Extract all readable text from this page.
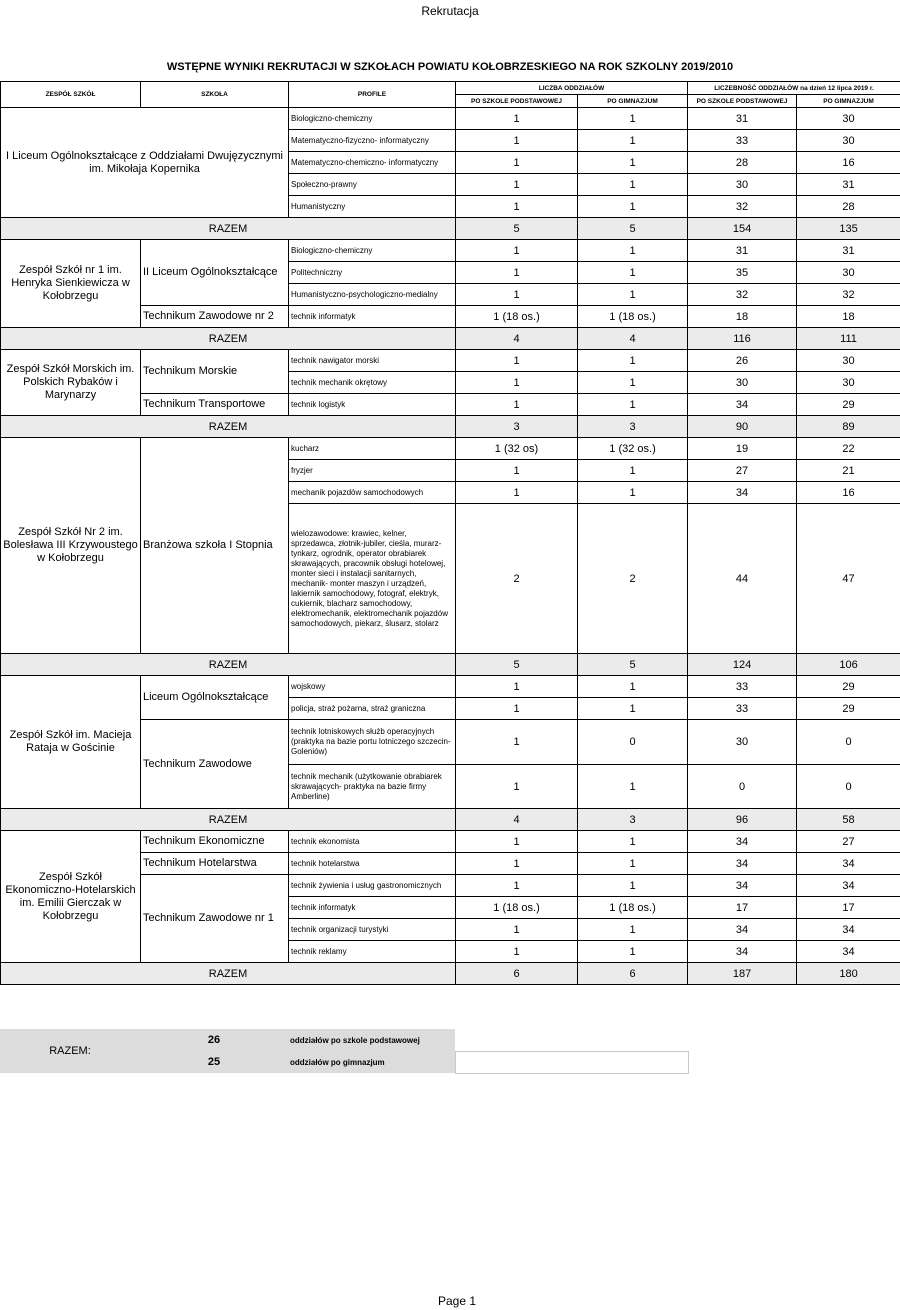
Rekrutacja
WSTĘPNE WYNIKI REKRUTACJI W SZKOŁACH POWIATU KOŁOBRZESKIEGO NA ROK SZKOLNY 2019/2010
ZESPÓŁ SZKÓŁ	SZKOŁA	PROFILE	LICZBA ODDZIAŁÓW		LICZEBNOŚĆ ODDZIAŁÓW na dzień 12 lipca 2019 r.	
			PO SZKOLE PODSTAWOWEJ	PO GIMNAZJUM	PO SZKOLE PODSTAWOWEJ	PO GIMNAZJUM
I Liceum Ogólnokształcące z Oddziałami Dwujęzycznymi im. Mikołaja Kopernika		Biologiczno-chemiczny	1	1	31	30
		Matematyczno-fizyczno- informatyczny	1	1	33	30
		Matematyczno-chemiczno- informatyczny	1	1	28	16
		Społeczno-prawny	1	1	30	31
		Humanistyczny	1	1	32	28
RAZEM			5	5	154	135
Zespół Szkół nr 1 im. Henryka Sienkiewicza w Kołobrzegu	II Liceum Ogólnokształcące	Biologiczno-chemiczny	1	1	31	31
		Politechniczny	1	1	35	30
		Humanistyczno-psychologiczno-medialny	1	1	32	32
	Technikum Zawodowe nr 2	technik informatyk	1 (18 os.)	1 (18 os.)	18	18
RAZEM			4	4	116	111
Zespół Szkół Morskich im. Polskich Rybaków i Marynarzy	Technikum Morskie	technik nawigator morski	1	1	26	30
		technik mechanik okrętowy	1	1	30	30
	Technikum Transportowe	technik logistyk	1	1	34	29
RAZEM			3	3	90	89
Zespół Szkół Nr 2 im. Bolesława III Krzywoustego w Kołobrzegu	Branżowa szkoła I Stopnia	kucharz	1 (32 os)	1 (32 os.)	19	22
		fryzjer	1	1	27	21
		mechanik pojazdów samochodowych	1	1	34	16
		wielozawodowe: krawiec, kelner, sprzedawca, złotnik-jubiler, cieśla, murarz-tynkarz, ogrodnik, operator obrabiarek skrawających, pracownik obsługi hotelowej, monter sieci i instalacji sanitarnych, mechanik- monter maszyn i urządzeń, lakiernik samochodowy, fotograf, elektryk, cukiernik, blacharz samochodowy, elektromechanik, elektromechanik pojazdów samochodowych, piekarz, ślusarz, stolarz	2	2	44	47
RAZEM			5	5	124	106
Zespół Szkół im. Macieja Rataja w Gościnie	Liceum Ogólnokształcące	wojskowy	1	1	33	29
		policja, straż pożarna, straż graniczna	1	1	33	29
	Technikum Zawodowe	technik lotniskowych służb operacyjnych (praktyka na bazie portu lotniczego szczecin-Goleniów)	1	0	30	0
		technik mechanik (użytkowanie obrabiarek skrawających- praktyka na bazie firmy Amberline)	1	1	0	0
RAZEM			4	3	96	58
Zespół Szkół Ekonomiczno-Hotelarskich im. Emilii Gierczak w Kołobrzegu	Technikum Ekonomiczne	technik ekonomista	1	1	34	27
	Technikum Hotelarstwa	technik hotelarstwa	1	1	34	34
	Technikum Zawodowe nr 1	technik żywienia i usług gastronomicznych	1	1	34	34
		technik informatyk	1 (18 os.)	1 (18 os.)	17	17
		technik organizacji turystyki	1	1	34	34
		technik reklamy	1	1	34	34
RAZEM			6	6	187	180
RAZEM:	26	oddziałów po szkole podstawowej	
	25	oddziałów po gimnazjum	
Page 1
